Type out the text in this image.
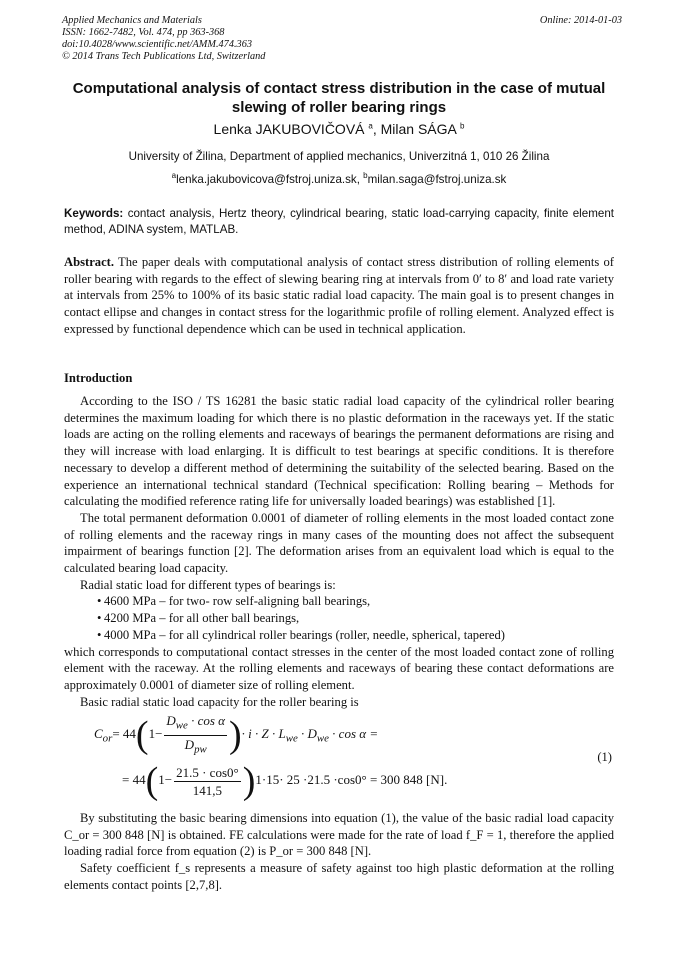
Applied Mechanics and Materials
ISSN: 1662-7482, Vol. 474, pp 363-368
doi:10.4028/www.scientific.net/AMM.474.363
© 2014 Trans Tech Publications Ltd, Switzerland
Online: 2014-01-03
Computational analysis of contact stress distribution in the case of mutual slewing of roller bearing rings
Lenka JAKUBOVIČOVÁ $^a$, Milan SÁGA $^b$
University of Žilina, Department of applied mechanics, Univerzitná 1, 010 26 Žilina
$^a$lenka.jakubovicova@fstroj.uniza.sk, $^b$milan.saga@fstroj.uniza.sk
Keywords: contact analysis, Hertz theory, cylindrical bearing, static load-carrying capacity, finite element method, ADINA system, MATLAB.
Abstract. The paper deals with computational analysis of contact stress distribution of rolling elements of roller bearing with regards to the effect of slewing bearing ring at intervals from 0′ to 8′ and load rate variety at intervals from 25% to 100% of its basic static radial load capacity. The main goal is to present changes in contact ellipse and changes in contact stress for the logarithmic profile of rolling element. Analyzed effect is expressed by functional dependence which can be used in technical application.
Introduction

According to the ISO / TS 16281 the basic static radial load capacity of the cylindrical roller bearing determines the maximum loading for which there is no plastic deformation in the raceways yet. If the static loads are acting on the rolling elements and raceways of bearings the permanent deformations are rising and they will increase with load enlarging. It is difficult to test bearings at specific conditions. It is therefore necessary to develop a different method of determining the suitability of the selected bearing. Based on the experience an international technical standard (Technical specification: Rolling bearing – Methods for calculating the modified reference rating life for universally loaded bearings) was established [1].

The total permanent deformation 0.0001 of diameter of rolling elements in the most loaded contact zone of rolling elements and the raceway rings in many cases of the mounting does not affect the subsequent impairment of bearings function [2]. The deformation arises from an equivalent load which is equal to the calculated bearing load capacity.

Radial static load for different types of bearings is:

• 4600 MPa – for two- row self-aligning ball bearings,
• 4200 MPa – for all other ball bearings,
• 4000 MPa – for all cylindrical roller bearings (roller, needle, spherical, tapered)

which corresponds to computational contact stresses in the center of the most loaded contact zone of rolling element with the raceway. At the rolling elements and raceways of bearing these contact deformations are approximately 0.0001 of diameter size of rolling element.

Basic radial static load capacity for the roller bearing is

$C_{or}= 44(1- \frac{D_{we} \cdot \cos \alpha}{D_{pw}}$ )· $i \cdot Z \cdot L_{we} \cdot D_{we} \cdot \cos \alpha$ =
= $44(1- \frac{21.5 \cdot \cos 0^\circ}{141,5} )1\cdot 15\cdot 25 \cdot 21.5 \cdot\cos 0^\circ = 300$ 848 [N].
(1)

By substituting the basic bearing dimensions into equation (1), the value of the basic radial load capacity C_or = 300 848 [N] is obtained. FE calculations were made for the rate of load f_F = 1, therefore the applied loading radial force from equation (2) is P_or = 300 848 [N].

Safety coefficient f_s represents a measure of safety against too high plastic deformation at the rolling elements contact points [2,7,8].
